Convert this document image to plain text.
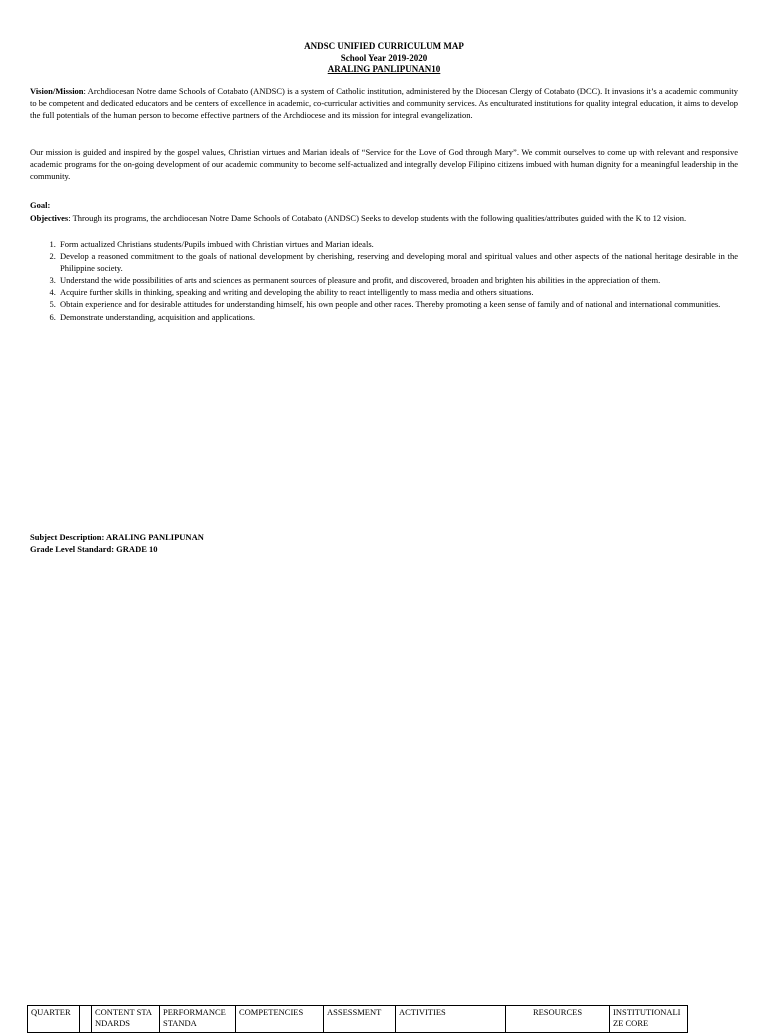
ANDSC UNIFIED CURRICULUM MAP
School Year 2019-2020
ARALING PANLIPUNAN10

Vision/Mission: Archdiocesan Notre dame Schools of Cotabato (ANDSC) is a system of Catholic institution, administered by the Diocesan Clergy of Cotabato (DCC). It invasions it’s a academic community to be competent and dedicated educators and be centers of excellence in academic, co-curricular activities and community services. As enculturated institutions for quality integral education, it aims to develop the full potentials of the human person to become effective partners of the Archdiocese and its mission for integral evangelization.

Our mission is guided and inspired by the gospel values, Christian virtues and Marian ideals of “Service for the Love of God through Mary”. We commit ourselves to come up with relevant and responsive academic programs for the on-going development of our academic community to become self-actualized and integrally develop Filipino citizens imbued with human dignity for a meaningful leadership in the community.

Goal:

Objectives: Through its programs, the archdiocesan Notre Dame Schools of Cotabato (ANDSC) Seeks to develop students with the following qualities/attributes guided with the K to 12 vision.

1. Form actualized Christians students/Pupils imbued with Christian virtues and Marian ideals.
2. Develop a reasoned commitment to the goals of national development by cherishing, reserving and developing moral and spiritual values and other aspects of the national heritage desirable in the Philippine society.
3. Understand the wide possibilities of arts and sciences as permanent sources of pleasure and profit, and discovered, broaden and brighten his abilities in the appreciation of them.
4. Acquire further skills in thinking, speaking and writing and developing the ability to react intelligently to mass media and others situations.
5. Obtain experience and for desirable attitudes for understanding himself, his own people and other races. Thereby promoting a keen sense of family and of national and international communities.
6. Demonstrate understanding, acquisition and applications.
Subject Description: ARALING PANLIPUNAN
Grade Level Standard: GRADE 10
QUARTER		CONTENT STANDARDS	PERFORMANCE STANDA	COMPETENCIES	ASSESSMENT	ACTIVITIES	RESOURCES	INSTITUTIONALIZE CORE
